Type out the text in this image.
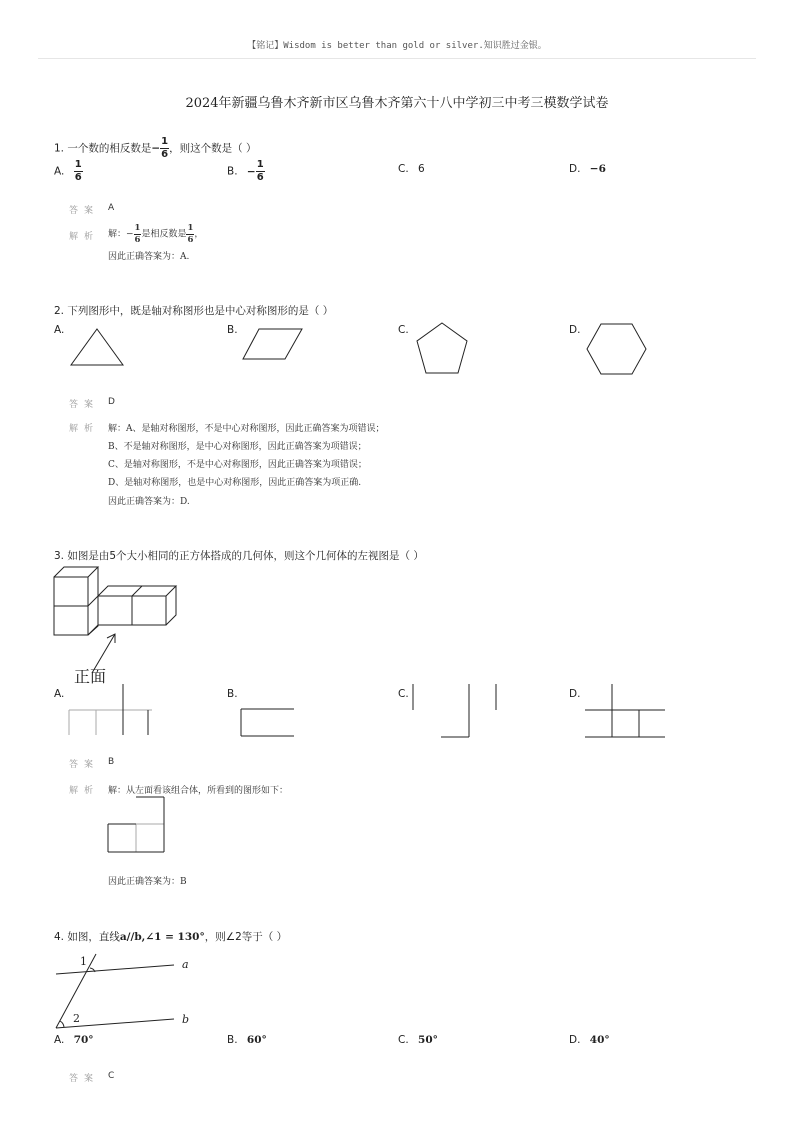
【铭记】Wisdom is better than gold or silver.知识胜过金银。
2024年新疆乌鲁木齐新市区乌鲁木齐第六十八中学初三中考三模数学试卷
1. 一个数的相反数是− $\frac{1}{6}$ ，则这个数是（ ）
A. $\frac{1}{6}$	B. − $\frac{1}{6}$	C. 6	D. −6
答案 A
解析 解：− $\frac{1}{6}$ 是相反数是 $\frac{1}{6}$ ，
因此正确答案为：A.
2. 下列图形中，既是轴对称图形也是中心对称图形的是（ ）
A.	B.	C.	D.
答案 D
解析 解：A、是轴对称图形，不是中心对称图形，因此正确答案为项错误；
B、不是轴对称图形，是中心对称图形，因此正确答案为项错误；
C、是轴对称图形，不是中心对称图形，因此正确答案为项错误；
D、是轴对称图形，也是中心对称图形，因此正确答案为项正确.
因此正确答案为：D.
3. 如图是由5个大小相同的正方体搭成的几何体，则这个几何体的左视图是（ ）
正面
A.	B.	C.	D.
答案 B
解析 解：从左面看该组合体，所看到的图形如下：
因此正确答案为：B
4. 如图，直线a//b,∠1 = 130°，则∠2等于（ ）
1
2
a
b
A. 70°	B. 60°	C. 50°	D. 40°
答案 C
